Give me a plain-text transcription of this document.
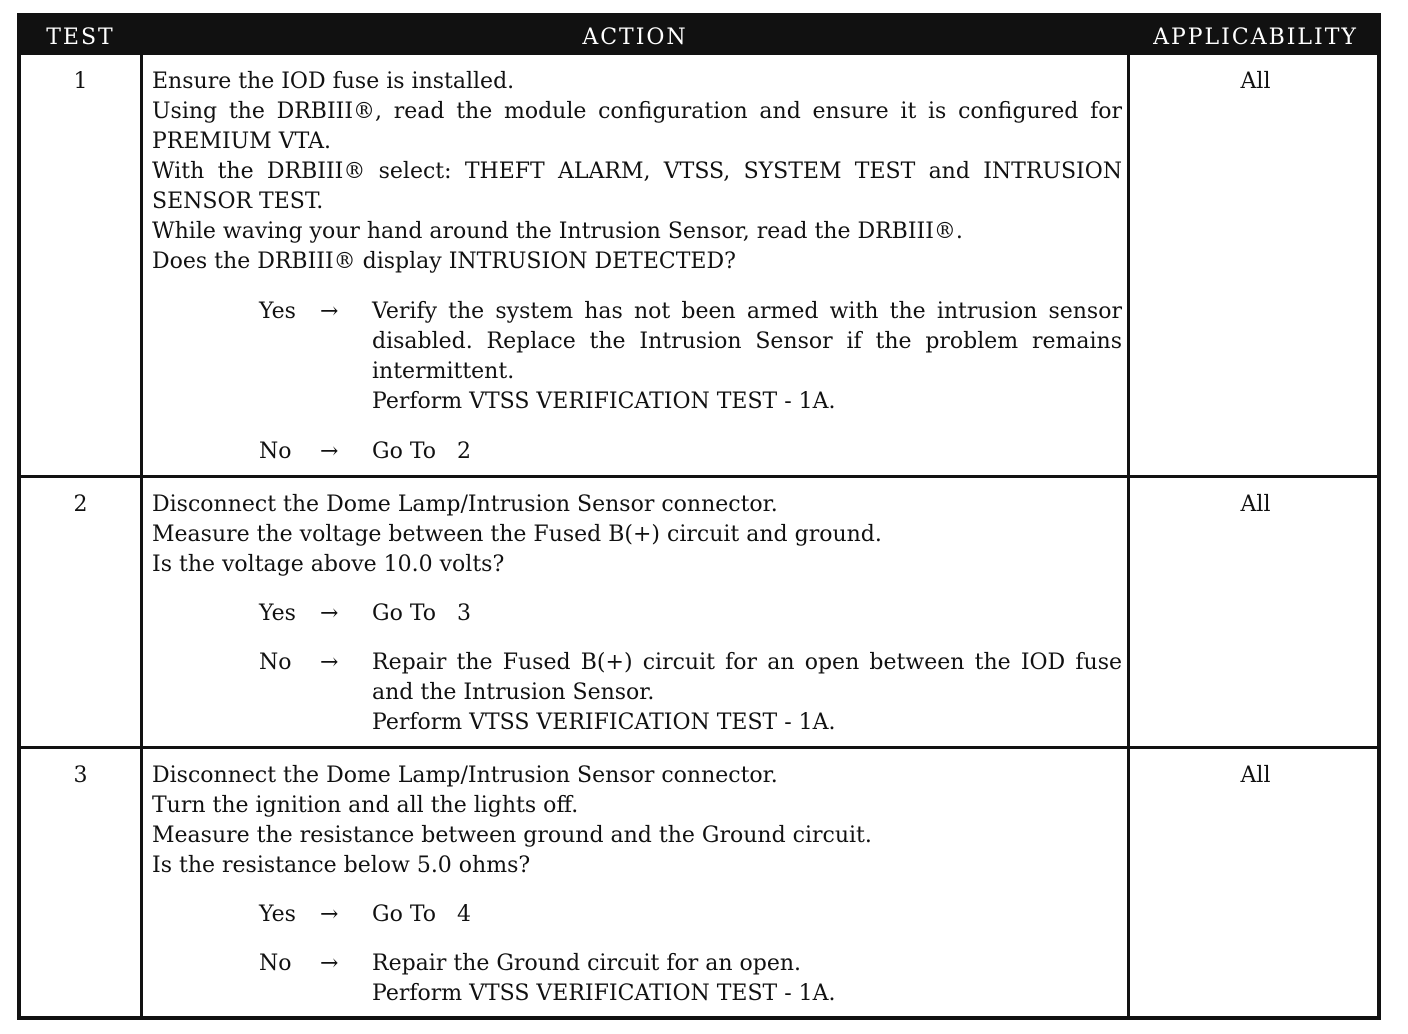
TEST	ACTION	APPLICABILITY
1	Ensure the IOD fuse is installed.

Using the DRBIII®, read the module configuration and ensure it is configured for PREMIUM VTA.

With the DRBIII® select: THEFT ALARM, VTSS, SYSTEM TEST and INTRUSION SENSOR TEST.

While waving your hand around the Intrusion Sensor, read the DRBIII®.

Does the DRBIII® display INTRUSION DETECTED?

Yes → Verify the system has not been armed with the intrusion sensor disabled. Replace the Intrusion Sensor if the problem remains intermittent.

Perform VTSS VERIFICATION TEST - 1A.

No → Go To   2

All
2	Disconnect the Dome Lamp/Intrusion Sensor connector.

Measure the voltage between the Fused B(+) circuit and ground.

Is the voltage above 10.0 volts?

Yes → Go To   3

No → Repair the Fused B(+) circuit for an open between the IOD fuse and the Intrusion Sensor.

Perform VTSS VERIFICATION TEST - 1A.

All
3	Disconnect the Dome Lamp/Intrusion Sensor connector.

Turn the ignition and all the lights off.

Measure the resistance between ground and the Ground circuit.

Is the resistance below 5.0 ohms?

Yes → Go To   4

No → Repair the Ground circuit for an open.

Perform VTSS VERIFICATION TEST - 1A.

All
